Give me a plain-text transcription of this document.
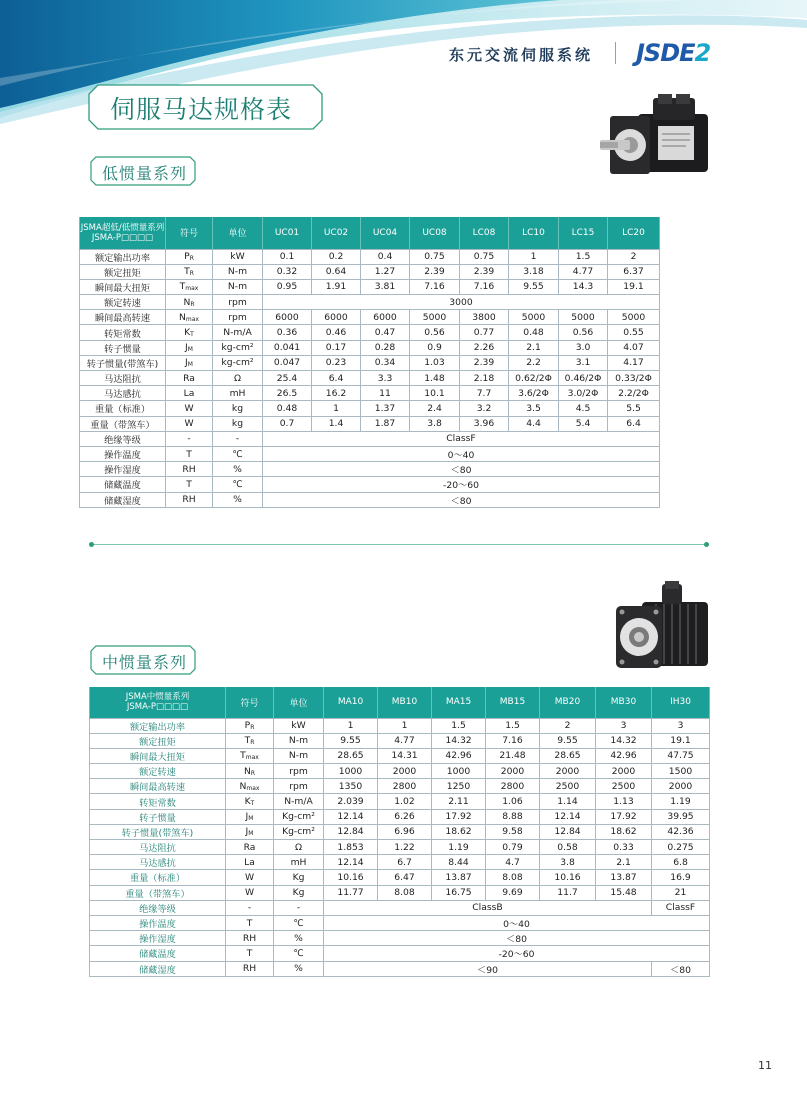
东元交流伺服系统 JSDE2
伺服马达规格表
低惯量系列
JSMA超低/低惯量系列
JSMA-P□□□□	符号	单位	UC01	UC02	UC04	UC08	LC08	LC10	LC15	LC20
额定输出功率	$P_R$	kW	0.1	0.2	0.4	0.75	0.75	1	1.5	2
额定扭矩	$T_R$	N-m	0.32	0.64	1.27	2.39	2.39	3.18	4.77	6.37
瞬间最大扭矩	$T_{max}$	N-m	0.95	1.91	3.81	7.16	7.16	9.55	14.3	19.1
额定转速	$N_R$	rpm	3000							
瞬间最高转速	$N_{max}$	rpm	6000	6000	6000	5000	3800	5000	5000	5000
转矩常数	$K_T$	N-m/A	0.36	0.46	0.47	0.56	0.77	0.48	0.56	0.55
转子惯量	$J_M$	kg-cm²	0.041	0.17	0.28	0.9	2.26	2.1	3.0	4.07
转子惯量(带煞车)	$J_M$	kg-cm²	0.047	0.23	0.34	1.03	2.39	2.2	3.1	4.17
马达阻抗	Ra	Ω	25.4	6.4	3.3	1.48	2.18	0.62/2Φ	0.46/2Φ	0.33/2Φ
马达感抗	La	mH	26.5	16.2	11	10.1	7.7	3.6/2Φ	3.0/2Φ	2.2/2Φ
重量（标准）	W	kg	0.48	1	1.37	2.4	3.2	3.5	4.5	5.5
重量（带煞车）	W	kg	0.7	1.4	1.87	3.8	3.96	4.4	5.4	6.4
绝缘等级	-	-	ClassF							
操作温度	T	℃	0～40							
操作湿度	RH	%	＜80							
储藏温度	T	℃	-20～60							
储藏湿度	RH	%	＜80							
中惯量系列
JSMA中惯量系列
JSMA-P□□□□	符号	单位	MA10	MB10	MA15	MB15	MB20	MB30	IH30
额定输出功率	$P_R$	kW	1	1	1.5	1.5	2	3	3
额定扭矩	$T_R$	N-m	9.55	4.77	14.32	7.16	9.55	14.32	19.1
瞬间最大扭矩	$T_{max}$	N-m	28.65	14.31	42.96	21.48	28.65	42.96	47.75
额定转速	$N_R$	rpm	1000	2000	1000	2000	2000	2000	1500
瞬间最高转速	$N_{max}$	rpm	1350	2800	1250	2800	2500	2500	2000
转矩常数	$K_T$	N-m/A	2.039	1.02	2.11	1.06	1.14	1.13	1.19
转子惯量	$J_M$	Kg-cm²	12.14	6.26	17.92	8.88	12.14	17.92	39.95
转子惯量(带煞车)	$J_M$	Kg-cm²	12.84	6.96	18.62	9.58	12.84	18.62	42.36
马达阻抗	Ra	Ω	1.853	1.22	1.19	0.79	0.58	0.33	0.275
马达感抗	La	mH	12.14	6.7	8.44	4.7	3.8	2.1	6.8
重量（标准）	W	Kg	10.16	6.47	13.87	8.08	10.16	13.87	16.9
重量（带煞车）	W	Kg	11.77	8.08	16.75	9.69	11.7	15.48	21
绝缘等级	-	-	ClassB						ClassF
操作温度	T	℃	0～40						
操作湿度	RH	%	＜80						
储藏温度	T	℃	-20～60						
储藏湿度	RH	%	＜90						＜80
11
